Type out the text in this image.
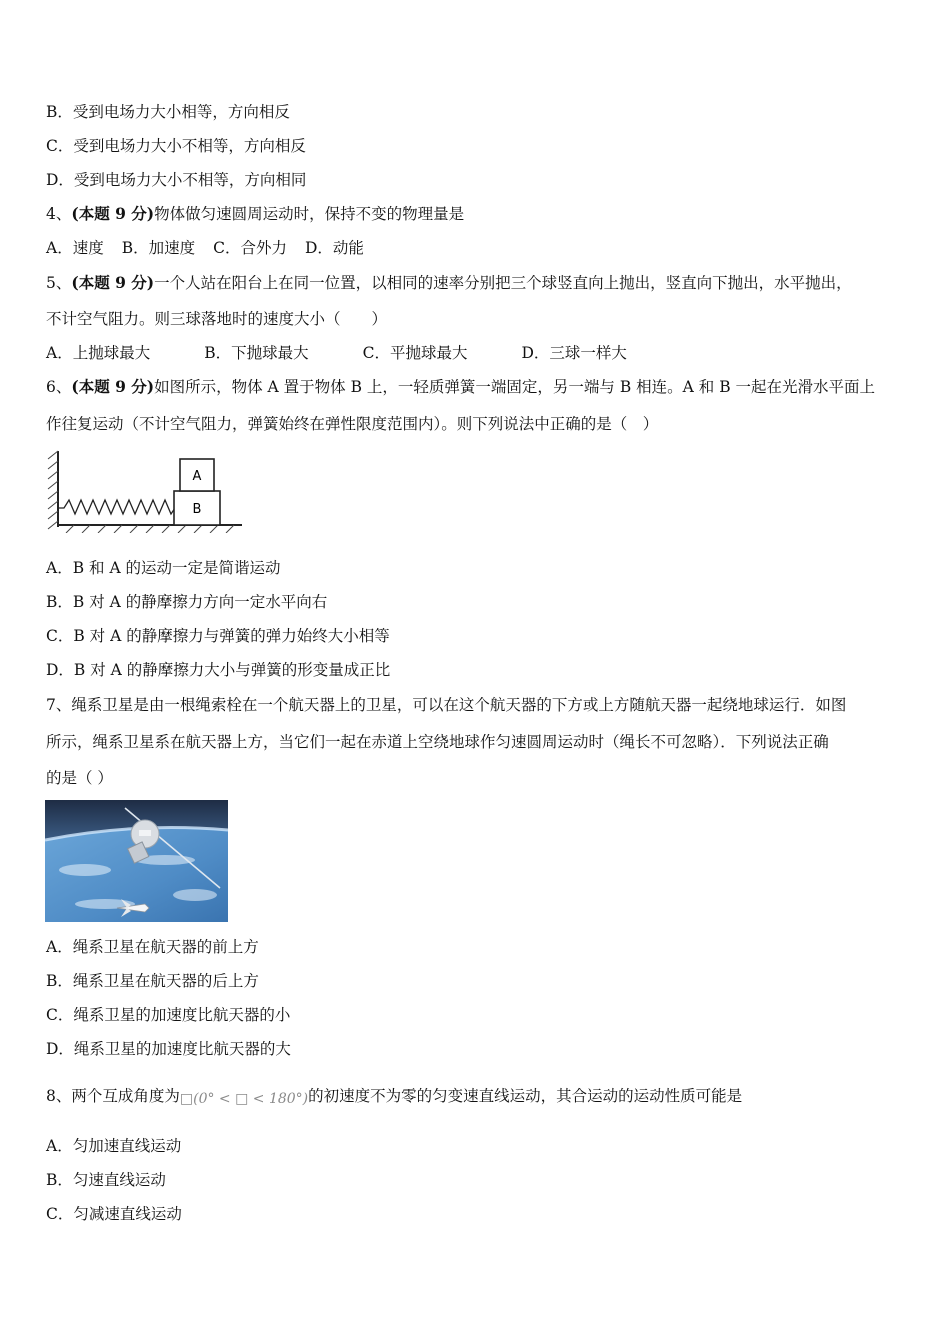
B．受到电场力大小相等，方向相反
C．受到电场力大小不相等，方向相反
D．受到电场力大小不相等，方向相同
4、(本题 9 分)物体做匀速圆周运动时，保持不变的物理量是
A．速度 B．加速度 C．合外力 D．动能
5、(本题 9 分)一个人站在阳台上在同一位置，以相同的速率分别把三个球竖直向上抛出，竖直向下抛出，水平抛出，
不计空气阻力。则三球落地时的速度大小（　　）
A．上抛球最大	B．下抛球最大	C．平抛球最大	D．三球一样大
6、(本题 9 分)如图所示，物体 A 置于物体 B 上，一轻质弹簧一端固定，另一端与 B 相连。A 和 B 一起在光滑水平面上
作往复运动（不计空气阻力，弹簧始终在弹性限度范围内）。则下列说法中正确的是（　）
B
A
A．B 和 A 的运动一定是简谐运动
B．B 对 A 的静摩擦力方向一定水平向右
C．B 对 A 的静摩擦力与弹簧的弹力始终大小相等
D．B 对 A 的静摩擦力大小与弹簧的形变量成正比
7、绳系卫星是由一根绳索栓在一个航天器上的卫星，可以在这个航天器的下方或上方随航天器一起绕地球运行．如图
所示，绳系卫星系在航天器上方，当它们一起在赤道上空绕地球作匀速圆周运动时（绳长不可忽略）．下列说法正确
的是（ ）
A．绳系卫星在航天器的前上方
B．绳系卫星在航天器的后上方
C．绳系卫星的加速度比航天器的小
D．绳系卫星的加速度比航天器的大
8、两个互成角度为□(0° < □ < 180°)的初速度不为零的匀变速直线运动，其合运动的运动性质可能是
A．匀加速直线运动
B．匀速直线运动
C．匀减速直线运动
